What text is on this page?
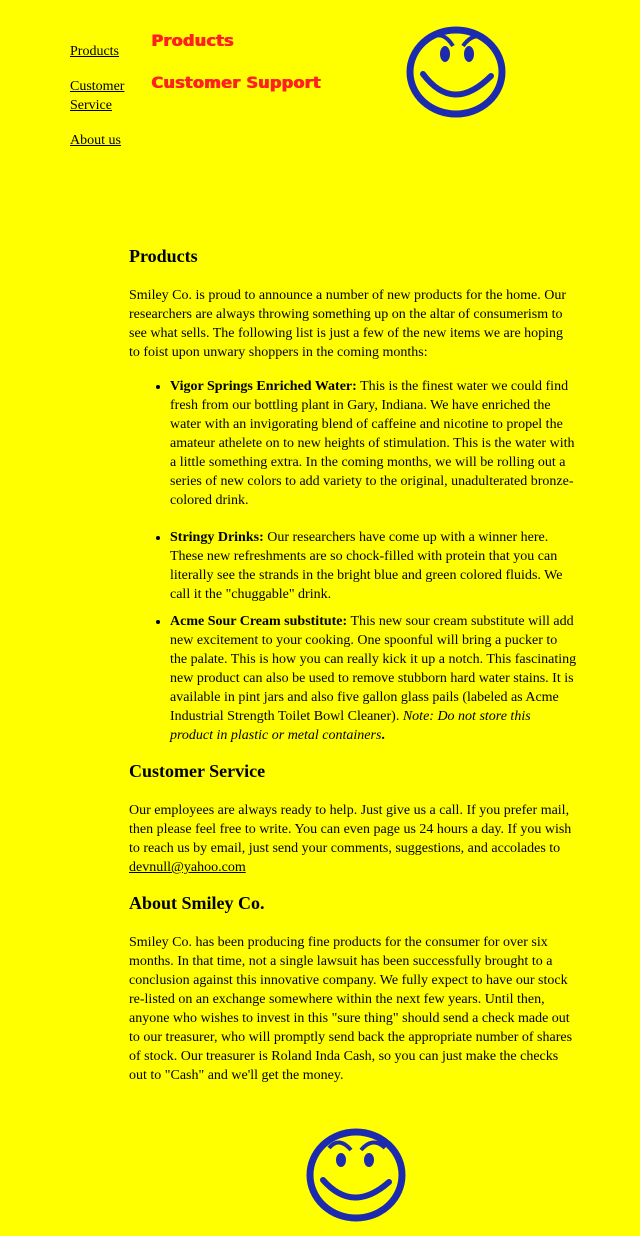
Products
Customer Service
About us
Products
Customer Support
Products

Smiley Co. is proud to announce a number of new products for the home. Our researchers are always throwing something up on the altar of consumerism to see what sells. The following list is just a few of the new items we are hoping to foist upon unwary shoppers in the coming months:

• Vigor Springs Enriched Water: This is the finest water we could find fresh from our bottling plant in Gary, Indiana. We have enriched the water with an invigorating blend of caffeine and nicotine to propel the amateur athelete on to new heights of stimulation. This is the water with a little something extra. In the coming months, we will be rolling out a series of new colors to add variety to the original, unadulterated bronze-colored drink.
• Stringy Drinks: Our researchers have come up with a winner here. These new refreshments are so chock-filled with protein that you can literally see the strands in the bright blue and green colored fluids. We call it the "chuggable" drink.
• Acme Sour Cream substitute: This new sour cream substitute will add new excitement to your cooking. One spoonful will bring a pucker to the palate. This is how you can really kick it up a notch. This fascinating new product can also be used to remove stubborn hard water stains. It is available in pint jars and also five gallon glass pails (labeled as Acme Industrial Strength Toilet Bowl Cleaner). Note: Do not store this product in plastic or metal containers.
Customer Service

Our employees are always ready to help. Just give us a call. If you prefer mail, then please feel free to write. You can even page us 24 hours a day. If you wish to reach us by email, just send your comments, suggestions, and accolades to devnull@yahoo.com

About Smiley Co.

Smiley Co. has been producing fine products for the consumer for over six months. In that time, not a single lawsuit has been successfully brought to a conclusion against this innovative company. We fully expect to have our stock re-listed on an exchange somewhere within the next few years. Until then, anyone who wishes to invest in this "sure thing" should send a check made out to our treasurer, who will promptly send back the appropriate number of shares of stock. Our treasurer is Roland Inda Cash, so you can just make the checks out to "Cash" and we'll get the money.
